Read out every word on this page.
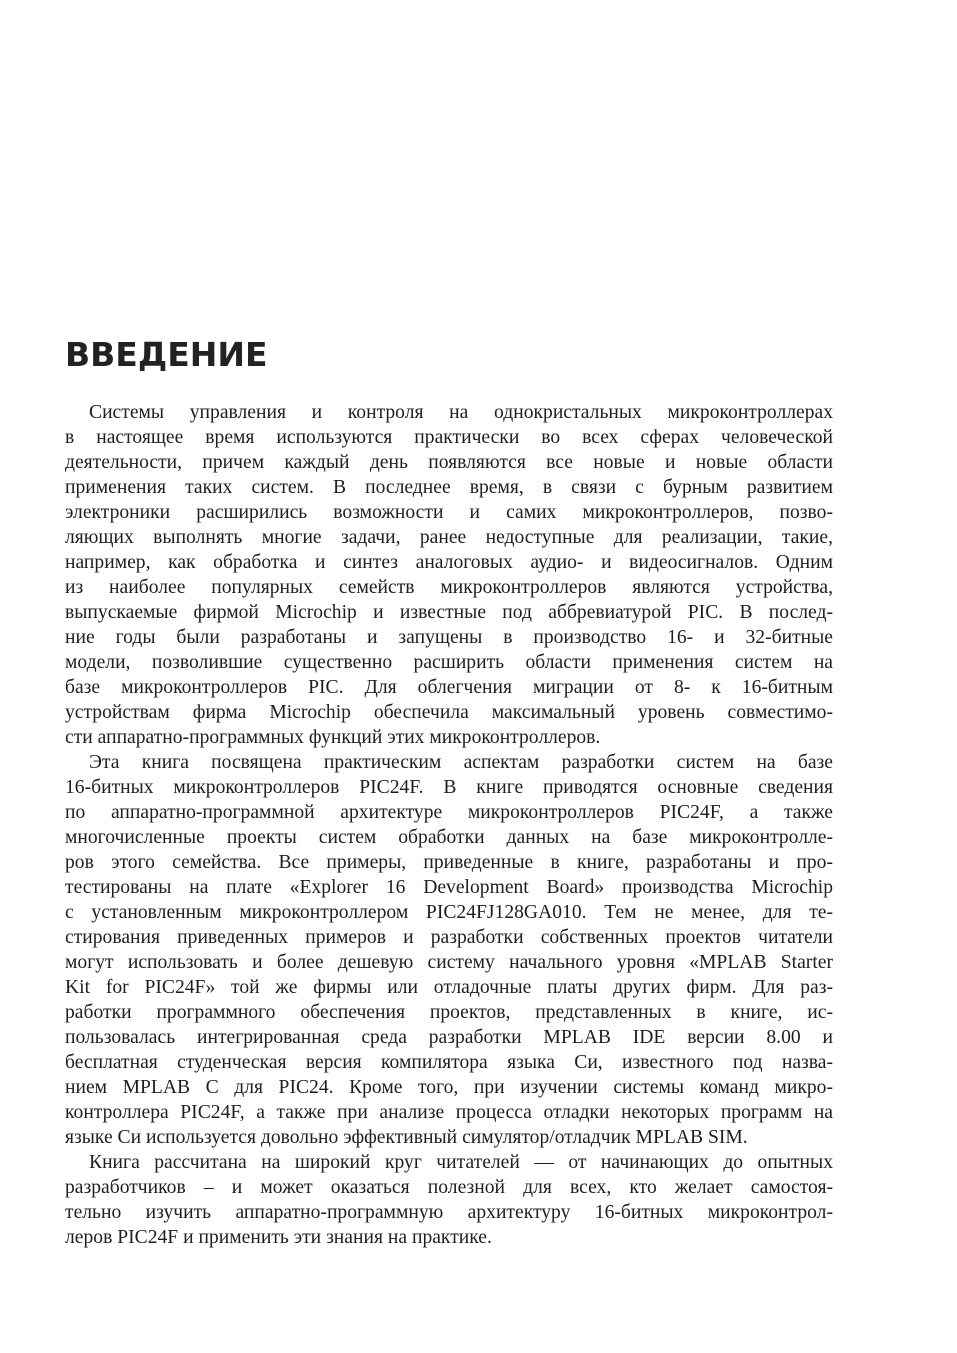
ВВЕДЕНИЕ
Системы управления и контроля на однокристальных микроконтроллерах
в настоящее время используются практически во всех сферах человеческой
деятельности, причем каждый день появляются все новые и новые области
применения таких систем. В последнее время, в связи с бурным развитием
электроники расширились возможности и самих микроконтроллеров, позво-
ляющих выполнять многие задачи, ранее недоступные для реализации, такие,
например, как обработка и синтез аналоговых аудио- и видеосигналов. Одним
из наиболее популярных семейств микроконтроллеров являются устройства,
выпускаемые фирмой Microchip и известные под аббревиатурой PIC. В послед-
ние годы были разработаны и запущены в производство 16- и 32-битные
модели, позволившие существенно расширить области применения систем на
базе микроконтроллеров PIC. Для облегчения миграции от 8- к 16-битным
устройствам фирма Microchip обеспечила максимальный уровень совместимо-
сти аппаратно-программных функций этих микроконтроллеров.
Эта книга посвящена практическим аспектам разработки систем на базе
16-битных микроконтроллеров PIC24F. В книге приводятся основные сведения
по аппаратно-программной архитектуре микроконтроллеров PIC24F, а также
многочисленные проекты систем обработки данных на базе микроконтролле-
ров этого семейства. Все примеры, приведенные в книге, разработаны и про-
тестированы на плате «Explorer 16 Development Board» производства Microchip
с установленным микроконтроллером PIC24FJ128GA010. Тем не менее, для те-
стирования приведенных примеров и разработки собственных проектов читатели
могут использовать и более дешевую систему начального уровня «MPLAB Starter
Kit for PIC24F» той же фирмы или отладочные платы других фирм. Для раз-
работки программного обеспечения проектов, представленных в книге, ис-
пользовалась интегрированная среда разработки MPLAB IDE версии 8.00 и
бесплатная студенческая версия компилятора языка Си, известного под назва-
нием MPLAB C для PIC24. Кроме того, при изучении системы команд микро-
контроллера PIC24F, а также при анализе процесса отладки некоторых программ на
языке Си используется довольно эффективный симулятор/отладчик MPLAB SIM.
Книга рассчитана на широкий круг читателей — от начинающих до опытных
разработчиков – и может оказаться полезной для всех, кто желает самостоя-
тельно изучить аппаратно-программную архитектуру 16-битных микроконтрол-
леров PIC24F и применить эти знания на практике.
